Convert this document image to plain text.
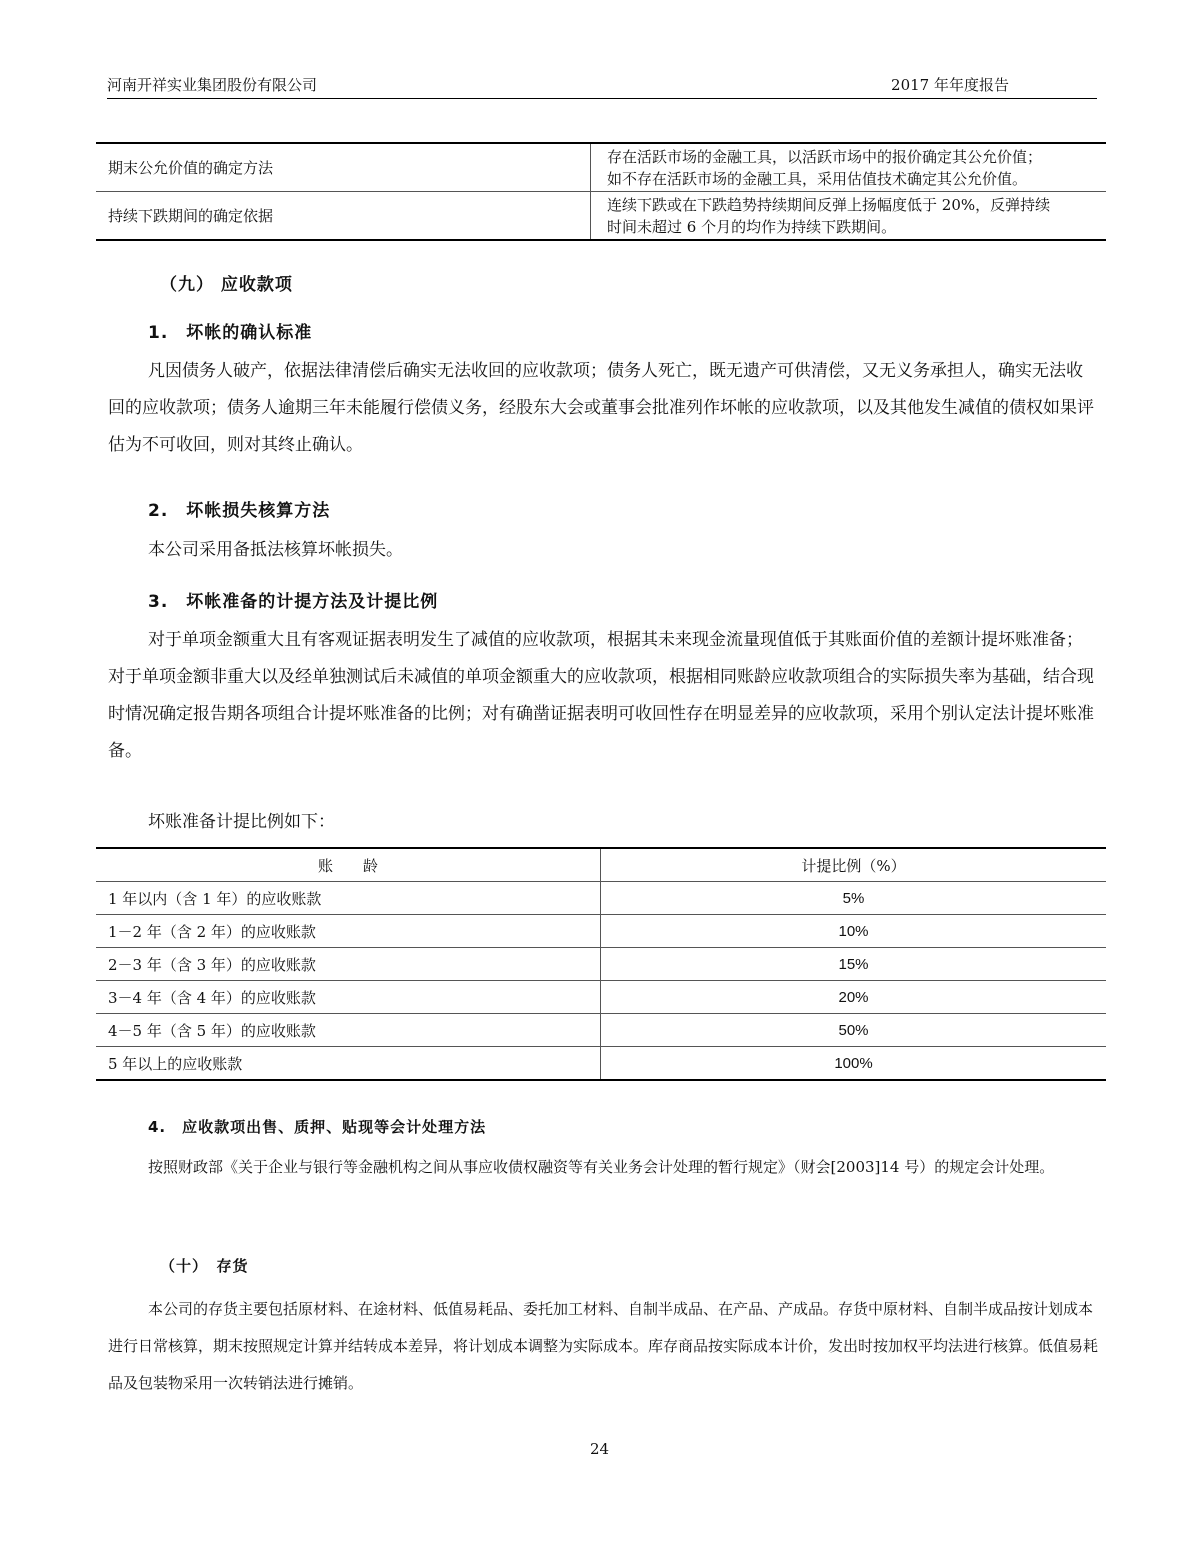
河南开祥实业集团股份有限公司	2017 年年度报告
期末公允价值的确定方法	存在活跃市场的金融工具，以活跃市场中的报价确定其公允价值；
如不存在活跃市场的金融工具，采用估值技术确定其公允价值。

持续下跌期间的确定依据	连续下跌或在下跌趋势持续期间反弹上扬幅度低于 20%，反弹持续
时间未超过 6 个月的均作为持续下跌期间。
（九） 应收款项
1.　坏帐的确认标准
凡因债务人破产，依据法律清偿后确实无法收回的应收款项；债务人死亡，既无遗产可供清偿，又无义务承担人，确实无法收回的应收款项；债务人逾期三年未能履行偿债义务，经股东大会或董事会批准列作坏帐的应收款项，以及其他发生减值的债权如果评估为不可收回，则对其终止确认。
2.　坏帐损失核算方法
本公司采用备抵法核算坏帐损失。
3.　坏帐准备的计提方法及计提比例
对于单项金额重大且有客观证据表明发生了减值的应收款项，根据其未来现金流量现值低于其账面价值的差额计提坏账准备；对于单项金额非重大以及经单独测试后未减值的单项金额重大的应收款项，根据相同账龄应收款项组合的实际损失率为基础，结合现时情况确定报告期各项组合计提坏账准备的比例；对有确凿证据表明可收回性存在明显差异的应收款项，采用个别认定法计提坏账准备。
坏账准备计提比例如下：
账　　龄	计提比例（%）
1 年以内（含 1 年）的应收账款	5%
1－2 年（含 2 年）的应收账款	10%
2－3 年（含 3 年）的应收账款	15%
3－4 年（含 4 年）的应收账款	20%
4－5 年（含 5 年）的应收账款	50%
5 年以上的应收账款	100%
4.　应收款项出售、质押、贴现等会计处理方法
按照财政部《关于企业与银行等金融机构之间从事应收债权融资等有关业务会计处理的暂行规定》（财会[2003]14 号）的规定会计处理。
（十）　存货
本公司的存货主要包括原材料、在途材料、低值易耗品、委托加工材料、自制半成品、在产品、产成品。存货中原材料、自制半成品按计划成本进行日常核算，期末按照规定计算并结转成本差异，将计划成本调整为实际成本。库存商品按实际成本计价，发出时按加权平均法进行核算。低值易耗品及包装物采用一次转销法进行摊销。
24
